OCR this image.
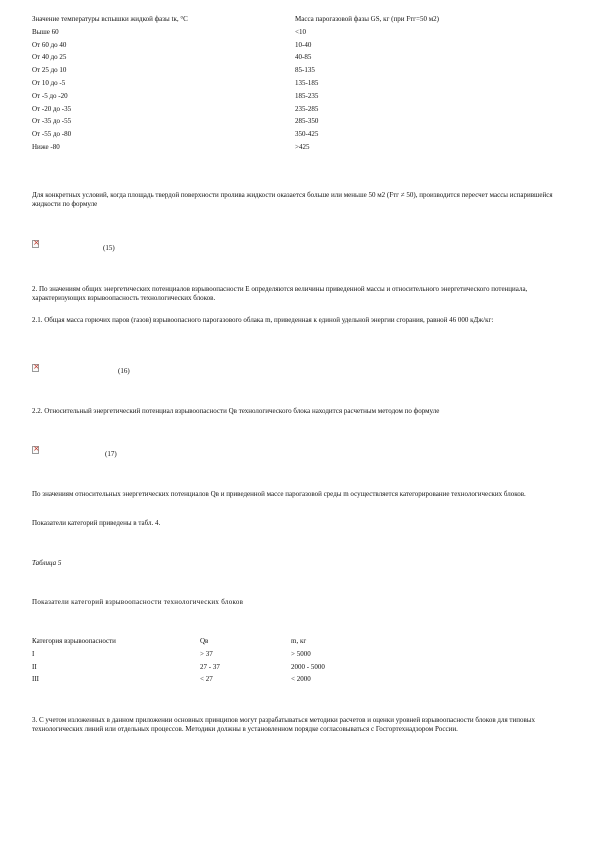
Значение температуры вспышки жидкой фазы tк, °С	Масса парогазовой фазы GS, кг (при Fтг=50 м2)
Выше 60	<10
От 60 до 40	10-40
От 40 до 25	40-85
От 25 до 10	85-135
От 10 до -5	135-185
От -5 до -20	185-235
От -20 до -35	235-285
От -35 до -55	285-350
От -55 до -80	350-425
Ниже -80	>425
Для конкретных условий, когда площадь твердой поверхности пролива жидкости оказается больше или меньше 50 м2 (Fтг ≠ 50), производится пересчет массы испарившейся жидкости по формуле
×
(15)
2. По значениям общих энергетических потенциалов взрывоопасности E определяются величины приведенной массы и относительного энергетического потенциала, характеризующих взрывоопасность технологических блоков.
2.1. Общая масса горючих паров (газов) взрывоопасного парогазового облака m, приведенная к единой удельной энергии сгорания, равной 46 000 кДж/кг:
×
(16)
2.2. Относительный энергетический потенциал взрывоопасности Qв технологического блока находится расчетным методом по формуле
×
(17)
По значениям относительных энергетических потенциалов Qв и приведенной массе парогазовой среды m осуществляется категорирование технологических блоков.
Показатели категорий приведены в табл. 4.
Таблица 5
Показатели категорий взрывоопасности технологических блоков
Категория взрывоопасности	Qв	m, кг
I	> 37	> 5000
II	27 - 37	2000 - 5000
III	< 27	< 2000
3. С учетом изложенных в данном приложении основных принципов могут разрабатываться методики расчетов и оценки уровней взрывоопасности блоков для типовых технологических линий или отдельных процессов. Методики должны в установленном порядке согласовываться с Госгортехнадзором России.
